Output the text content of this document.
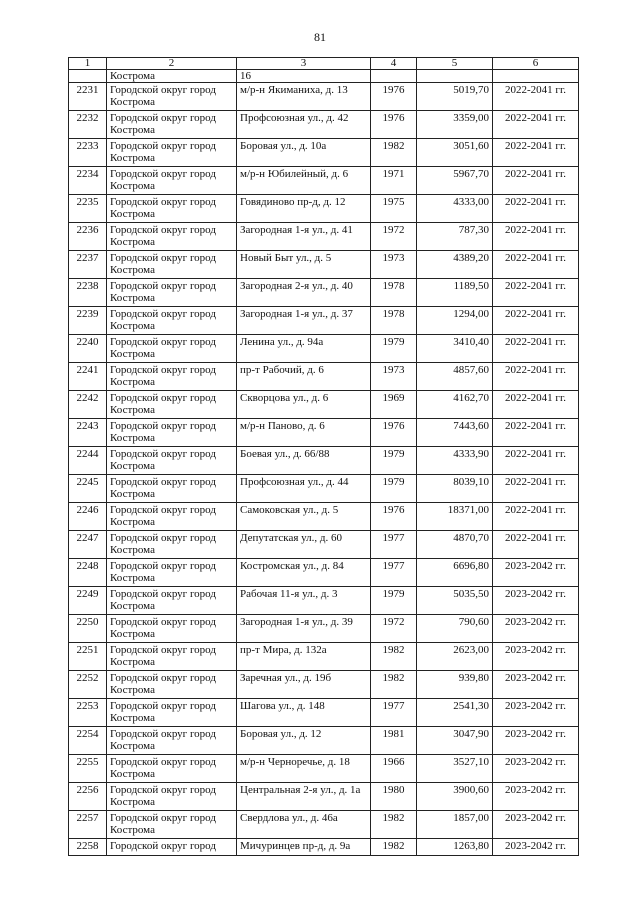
81
1	2	3	4	5	6
	Кострома	16			
2231	Городской округ город Кострома	м/р-н Якиманиха, д. 13	1976	5019,70	2022-2041 гг.
2232	Городской округ город Кострома	Профсоюзная ул., д. 42	1976	3359,00	2022-2041 гг.
2233	Городской округ город Кострома	Боровая ул., д. 10а	1982	3051,60	2022-2041 гг.
2234	Городской округ город Кострома	м/р-н Юбилейный, д. 6	1971	5967,70	2022-2041 гг.
2235	Городской округ город Кострома	Говядиново пр-д, д. 12	1975	4333,00	2022-2041 гг.
2236	Городской округ город Кострома	Загородная 1-я ул., д. 41	1972	787,30	2022-2041 гг.
2237	Городской округ город Кострома	Новый Быт ул., д. 5	1973	4389,20	2022-2041 гг.
2238	Городской округ город Кострома	Загородная 2-я ул., д. 40	1978	1189,50	2022-2041 гг.
2239	Городской округ город Кострома	Загородная 1-я ул., д. 37	1978	1294,00	2022-2041 гг.
2240	Городской округ город Кострома	Ленина ул., д. 94а	1979	3410,40	2022-2041 гг.
2241	Городской округ город Кострома	пр-т Рабочий, д. 6	1973	4857,60	2022-2041 гг.
2242	Городской округ город Кострома	Скворцова ул., д. 6	1969	4162,70	2022-2041 гг.
2243	Городской округ город Кострома	м/р-н Паново, д. 6	1976	7443,60	2022-2041 гг.
2244	Городской округ город Кострома	Боевая ул., д. 66/88	1979	4333,90	2022-2041 гг.
2245	Городской округ город Кострома	Профсоюзная ул., д. 44	1979	8039,10	2022-2041 гг.
2246	Городской округ город Кострома	Самоковская ул., д. 5	1976	18371,00	2022-2041 гг.
2247	Городской округ город Кострома	Депутатская ул., д. 60	1977	4870,70	2022-2041 гг.
2248	Городской округ город Кострома	Костромская ул., д. 84	1977	6696,80	2023-2042 гг.
2249	Городской округ город Кострома	Рабочая 11-я ул., д. 3	1979	5035,50	2023-2042 гг.
2250	Городской округ город Кострома	Загородная 1-я ул., д. 39	1972	790,60	2023-2042 гг.
2251	Городской округ город Кострома	пр-т Мира, д. 132а	1982	2623,00	2023-2042 гг.
2252	Городской округ город Кострома	Заречная ул., д. 19б	1982	939,80	2023-2042 гг.
2253	Городской округ город Кострома	Шагова ул., д. 148	1977	2541,30	2023-2042 гг.
2254	Городской округ город Кострома	Боровая ул., д. 12	1981	3047,90	2023-2042 гг.
2255	Городской округ город Кострома	м/р-н Черноречье, д. 18	1966	3527,10	2023-2042 гг.
2256	Городской округ город Кострома	Центральная 2-я ул., д. 1а	1980	3900,60	2023-2042 гг.
2257	Городской округ город Кострома	Свердлова ул., д. 46а	1982	1857,00	2023-2042 гг.
2258	Городской округ город	Мичуринцев пр-д, д. 9а	1982	1263,80	2023-2042 гг.
